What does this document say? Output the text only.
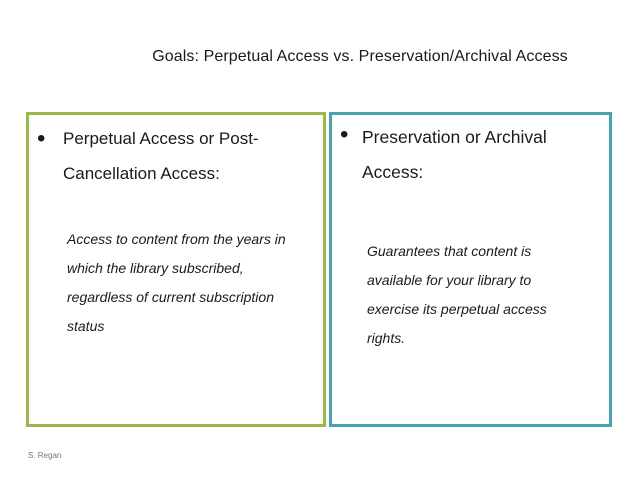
Goals: Perpetual Access vs. Preservation/Archival Access
• Perpetual Access or Post-
Cancellation Access:
Access to content from the years in
which the library subscribed,
regardless of current subscription
status
• Preservation or Archival
Access:
Guarantees that content is
available for your library to
exercise its perpetual access
rights.
S. Regan
